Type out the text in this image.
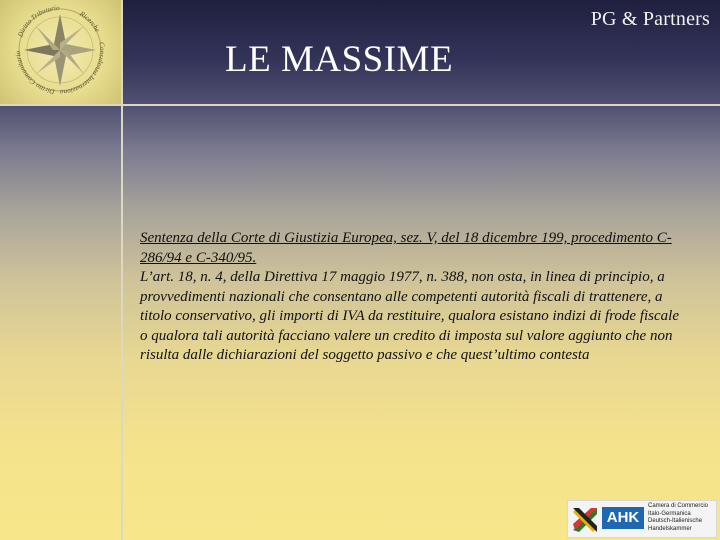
Diritto Comunitario
Diritto Tributario
Ricerche
Consulenza Internaziona
PG & Partners
LE MASSIME
Sentenza della Corte di Giustizia Europea, sez. V, del 18 dicembre 199, procedimento C-286/94 e C-340/95.
L’art. 18, n. 4, della Direttiva 17 maggio 1977, n. 388, non osta, in linea di principio, a provvedimenti nazionali che consentano alle competenti autorità fiscali di trattenere, a titolo conservativo, gli importi di IVA da restituire, qualora esistano indizi di frode fiscale o qualora tali autorità facciano valere un credito di imposta sul valore aggiunto che non risulta dalle dichiarazioni del soggetto passivo e che quest’ultimo contesta
AHK
Camera di Commercio
Italo-Germanica
Deutsch-Italienische
Handelskammer
